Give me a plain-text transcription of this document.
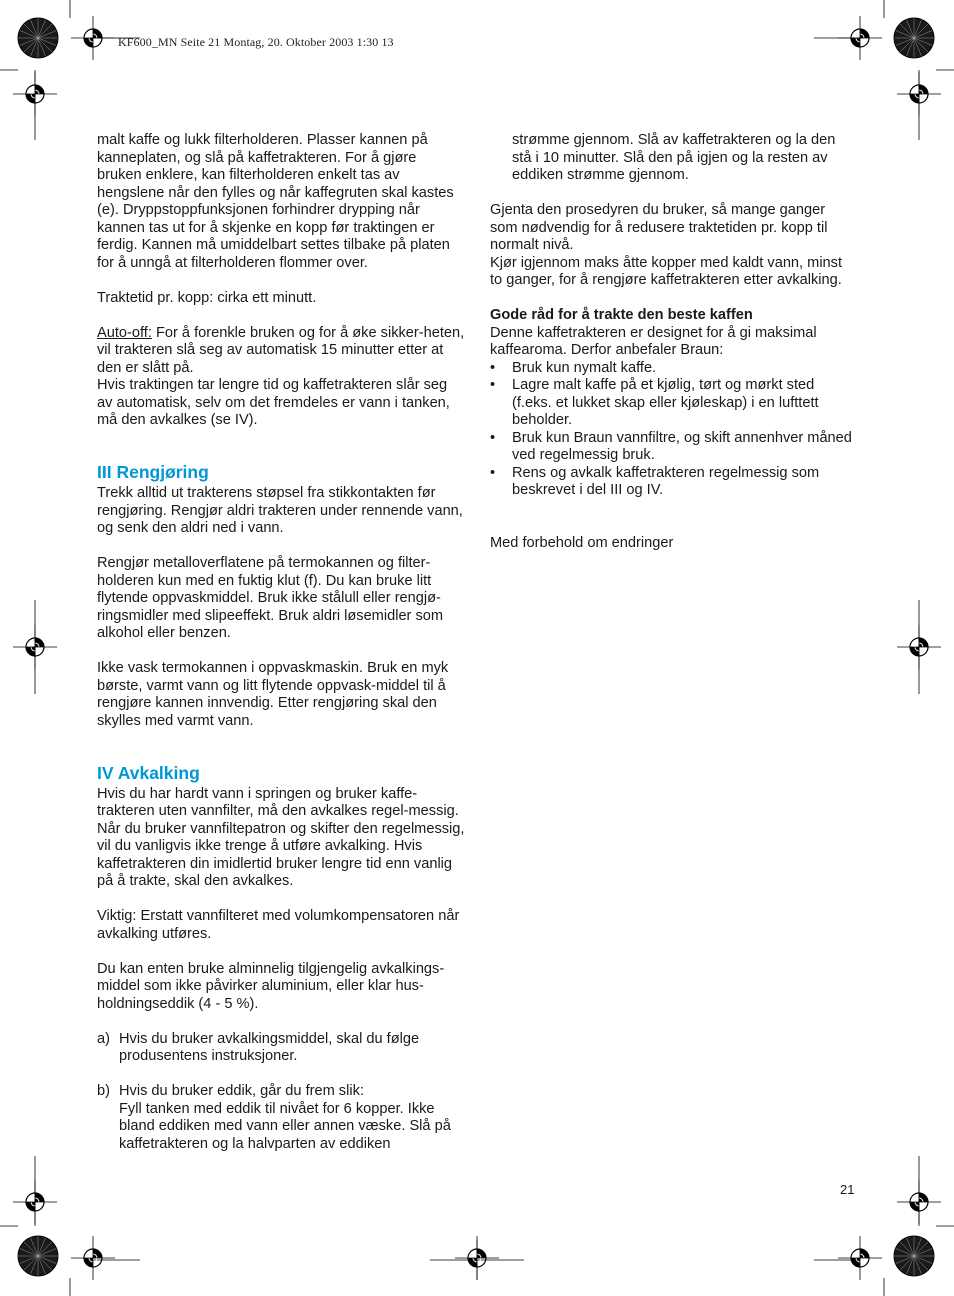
KF600_MN Seite 21 Montag, 20. Oktober 2003 1:30 13

malt kaffe og lukk filterholderen. Plasser kannen på kanneplaten, og slå på kaffetrakteren. For å gjøre bruken enklere, kan filterholderen enkelt tas av hengslene når den fylles og når kaffegruten skal kastes (e). Dryppstoppfunksjonen forhindrer drypping når kannen tas ut for å skjenke en kopp før traktingen er ferdig. Kannen må umiddelbart settes tilbake på platen for å unngå at filterholderen flommer over.

Traktetid pr. kopp: cirka ett minutt.

Auto-off: For å forenkle bruken og for å øke sikker-heten, vil trakteren slå seg av automatisk 15 minutter etter at den er slått på.

Hvis traktingen tar lengre tid og kaffetrakteren slår seg av automatisk, selv om det fremdeles er vann i tanken, må den avkalkes (se IV).

III Rengjøring

Trekk alltid ut trakterens støpsel fra stikkontakten før rengjøring. Rengjør aldri trakteren under rennende vann, og senk den aldri ned i vann.

Rengjør metalloverflatene på termokannen og filter-holderen kun med en fuktig klut (f). Du kan bruke litt flytende oppvaskmiddel. Bruk ikke stålull eller rengjø-ringsmidler med slipeeffekt. Bruk aldri løsemidler som alkohol eller benzen.

Ikke vask termokannen i oppvaskmaskin. Bruk en myk børste, varmt vann og litt flytende oppvask-middel til å rengjøre kannen innvendig. Etter rengjøring skal den skylles med varmt vann.

IV Avkalking

Hvis du har hardt vann i springen og bruker kaffe-trakteren uten vannfilter, må den avkalkes regel-messig. Når du bruker vannfiltepatron og skifter den regelmessig, vil du vanligvis ikke trenge å utføre avkalking. Hvis kaffetrakteren din imidlertid bruker lengre tid enn vanlig på å trakte, skal den avkalkes.

Viktig: Erstatt vannfilteret med volumkompensatoren når avkalking utføres.

Du kan enten bruke alminnelig tilgjengelig avkalkings-middel som ikke påvirker aluminium, eller klar hus-holdningseddik (4 - 5 %).

a) Hvis du bruker avkalkingsmiddel, skal du følge produsentens instruksjoner.
b) Hvis du bruker eddik, går du frem slik:

Fyll tanken med eddik til nivået for 6 kopper. Ikke bland eddiken med vann eller annen væske. Slå på kaffetrakteren og la halvparten av eddiken

strømme gjennom. Slå av kaffetrakteren og la den stå i 10 minutter. Slå den på igjen og la resten av eddiken strømme gjennom.

Gjenta den prosedyren du bruker, så mange ganger som nødvendig for å redusere traktetiden pr. kopp til normalt nivå.

Kjør igjennom maks åtte kopper med kaldt vann, minst to ganger, for å rengjøre kaffetrakteren etter avkalking.

Gode råd for å trakte den beste kaffen

Denne kaffetrakteren er designet for å gi maksimal kaffearoma. Derfor anbefaler Braun:

•	Bruk kun nymalt kaffe.
•	Lagre malt kaffe på et kjølig, tørt og mørkt sted (f.eks. et lukket skap eller kjøleskap) i en lufttett beholder.
•	Bruk kun Braun vannfiltre, og skift annenhver måned ved regelmessig bruk.
•	Rens og avkalk kaffetrakteren regelmessig som beskrevet i del III og IV.

Med forbehold om endringer

21
